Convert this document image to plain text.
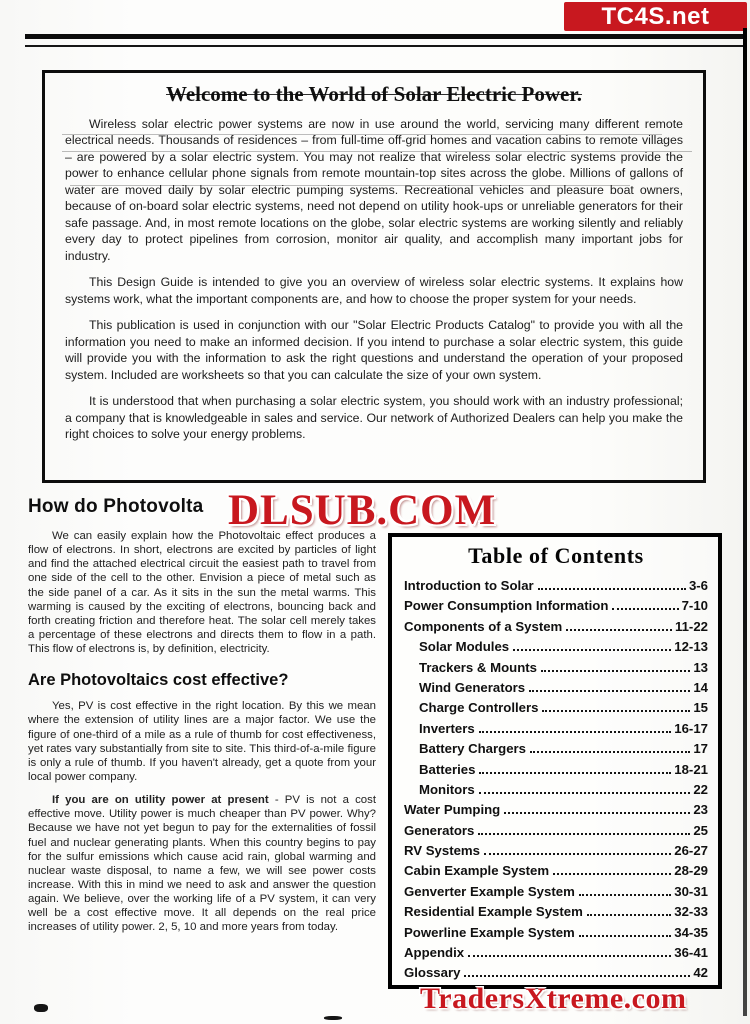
TC4S.net
Welcome to the World of Solar Electric Power.

Wireless solar electric power systems are now in use around the world, servicing many different remote electrical needs. Thousands of residences – from full-time off-grid homes and vacation cabins to remote villages – are powered by a solar electric system. You may not realize that wireless solar electric systems provide the power to enhance cellular phone signals from remote mountain-top sites across the globe. Millions of gallons of water are moved daily by solar electric pumping systems. Recreational vehicles and pleasure boat owners, because of on-board solar electric systems, need not depend on utility hook-ups or unreliable generators for their safe passage. And, in most remote locations on the globe, solar electric systems are working silently and reliably every day to protect pipelines from corrosion, monitor air quality, and accomplish many important jobs for industry.

This Design Guide is intended to give you an overview of wireless solar electric systems. It explains how systems work, what the important components are, and how to choose the proper system for your needs.

This publication is used in conjunction with our "Solar Electric Products Catalog" to provide you with all the information you need to make an informed decision. If you intend to purchase a solar electric system, this guide will provide you with the information to ask the right questions and understand the operation of your proposed system. Included are worksheets so that you can calculate the size of your own system.

It is understood that when purchasing a solar electric system, you should work with an industry professional; a company that is knowledgeable in sales and service. Our network of Authorized Dealers can help you make the right choices to solve your energy problems.

How do Photovolta

We can easily explain how the Photovoltaic effect produces a flow of electrons. In short, electrons are excited by particles of light and find the attached electrical circuit the easiest path to travel from one side of the cell to the other. Envision a piece of metal such as the side panel of a car. As it sits in the sun the metal warms. This warming is caused by the exciting of electrons, bouncing back and forth creating friction and therefore heat. The solar cell merely takes a percentage of these electrons and directs them to flow in a path. This flow of electrons is, by definition, electricity.

Are Photovoltaics cost effective?

Yes, PV is cost effective in the right location. By this we mean where the extension of utility lines are a major factor. We use the figure of one-third of a mile as a rule of thumb for cost effectiveness, yet rates vary substantially from site to site. This third-of-a-mile figure is only a rule of thumb. If you haven't already, get a quote from your local power company.

If you are on utility power at present - PV is not a cost effective move. Utility power is much cheaper than PV power. Why? Because we have not yet begun to pay for the externalities of fossil fuel and nuclear generating plants. When this country begins to pay for the sulfur emissions which cause acid rain, global warming and nuclear waste disposal, to name a few, we will see power costs increase. With this in mind we need to ask and answer the question again. We believe, over the working life of a PV system, it can very well be a cost effective move. It all depends on the real price increases of utility power. 2, 5, 10 and more years from today.

Table of Contents
Introduction to Solar	3-6
Power Consumption Information	7-10
Components of a System	11-22
Solar Modules	12-13
Trackers & Mounts	13
Wind Generators	14
Charge Controllers	15
Inverters	16-17
Battery Chargers	17
Batteries	18-21
Monitors	22
Water Pumping	23
Generators	25
RV Systems	26-27
Cabin Example System	28-29
Genverter Example System	30-31
Residential Example System	32-33
Powerline Example System	34-35
Appendix	36-41
Glossary	42
DLSUB.COM
TradersXtreme.com
